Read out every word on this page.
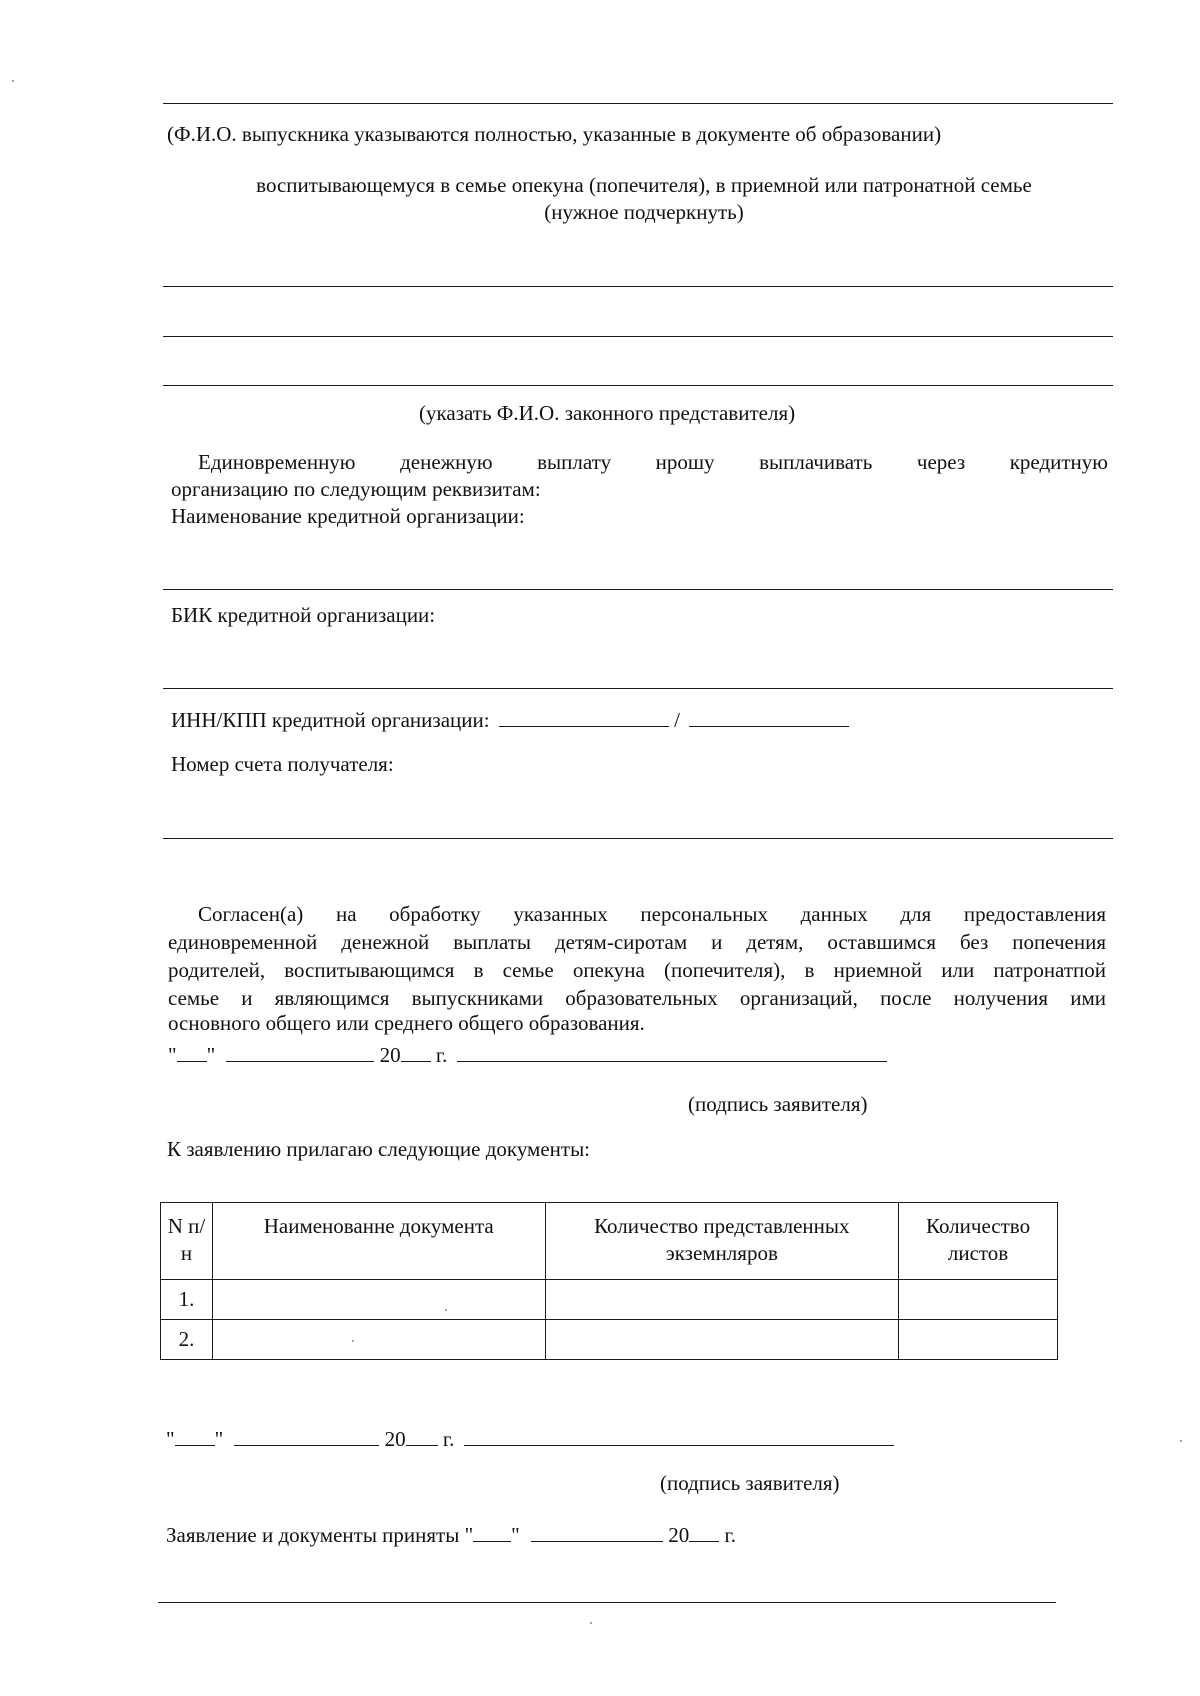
(Ф.И.О. выпускника указываются полностью, указанные в документе об образовании)
воспитывающемуся в семье опекуна (попечителя), в приемной или патронатной семье
(нужное подчеркнуть)
(указать Ф.И.О. законного представителя)
Единовременную денежную выплату нрошу выплачивать через кредитную
организацию по следующим реквизитам:
Наименование кредитной организации:
БИК кредитной организации:
ИНН/КПП кредитной организации:	/
Номер счета получателя:
Согласен(а) на обработку указанных персональных данных для предоставления
единовременной денежной выплаты детям-сиротам и детям, оставшимся без попечения
родителей, воспитывающимся в семье опекуна (попечителя), в нриемной или патронатпой
семье и являющимся выпускниками образовательных организаций, после нолучения ими
основного общего или среднего общего образования.
" "	20 г.
(подпись заявителя)
К заявлению прилагаю следующие документы:
N п/н	Наименованне документа	Количество представленных экземнляров	Количество листов
1.			
2.			
" "	20 г.
(подпись заявителя)
Заявление и документы приняты " "	20 г.
